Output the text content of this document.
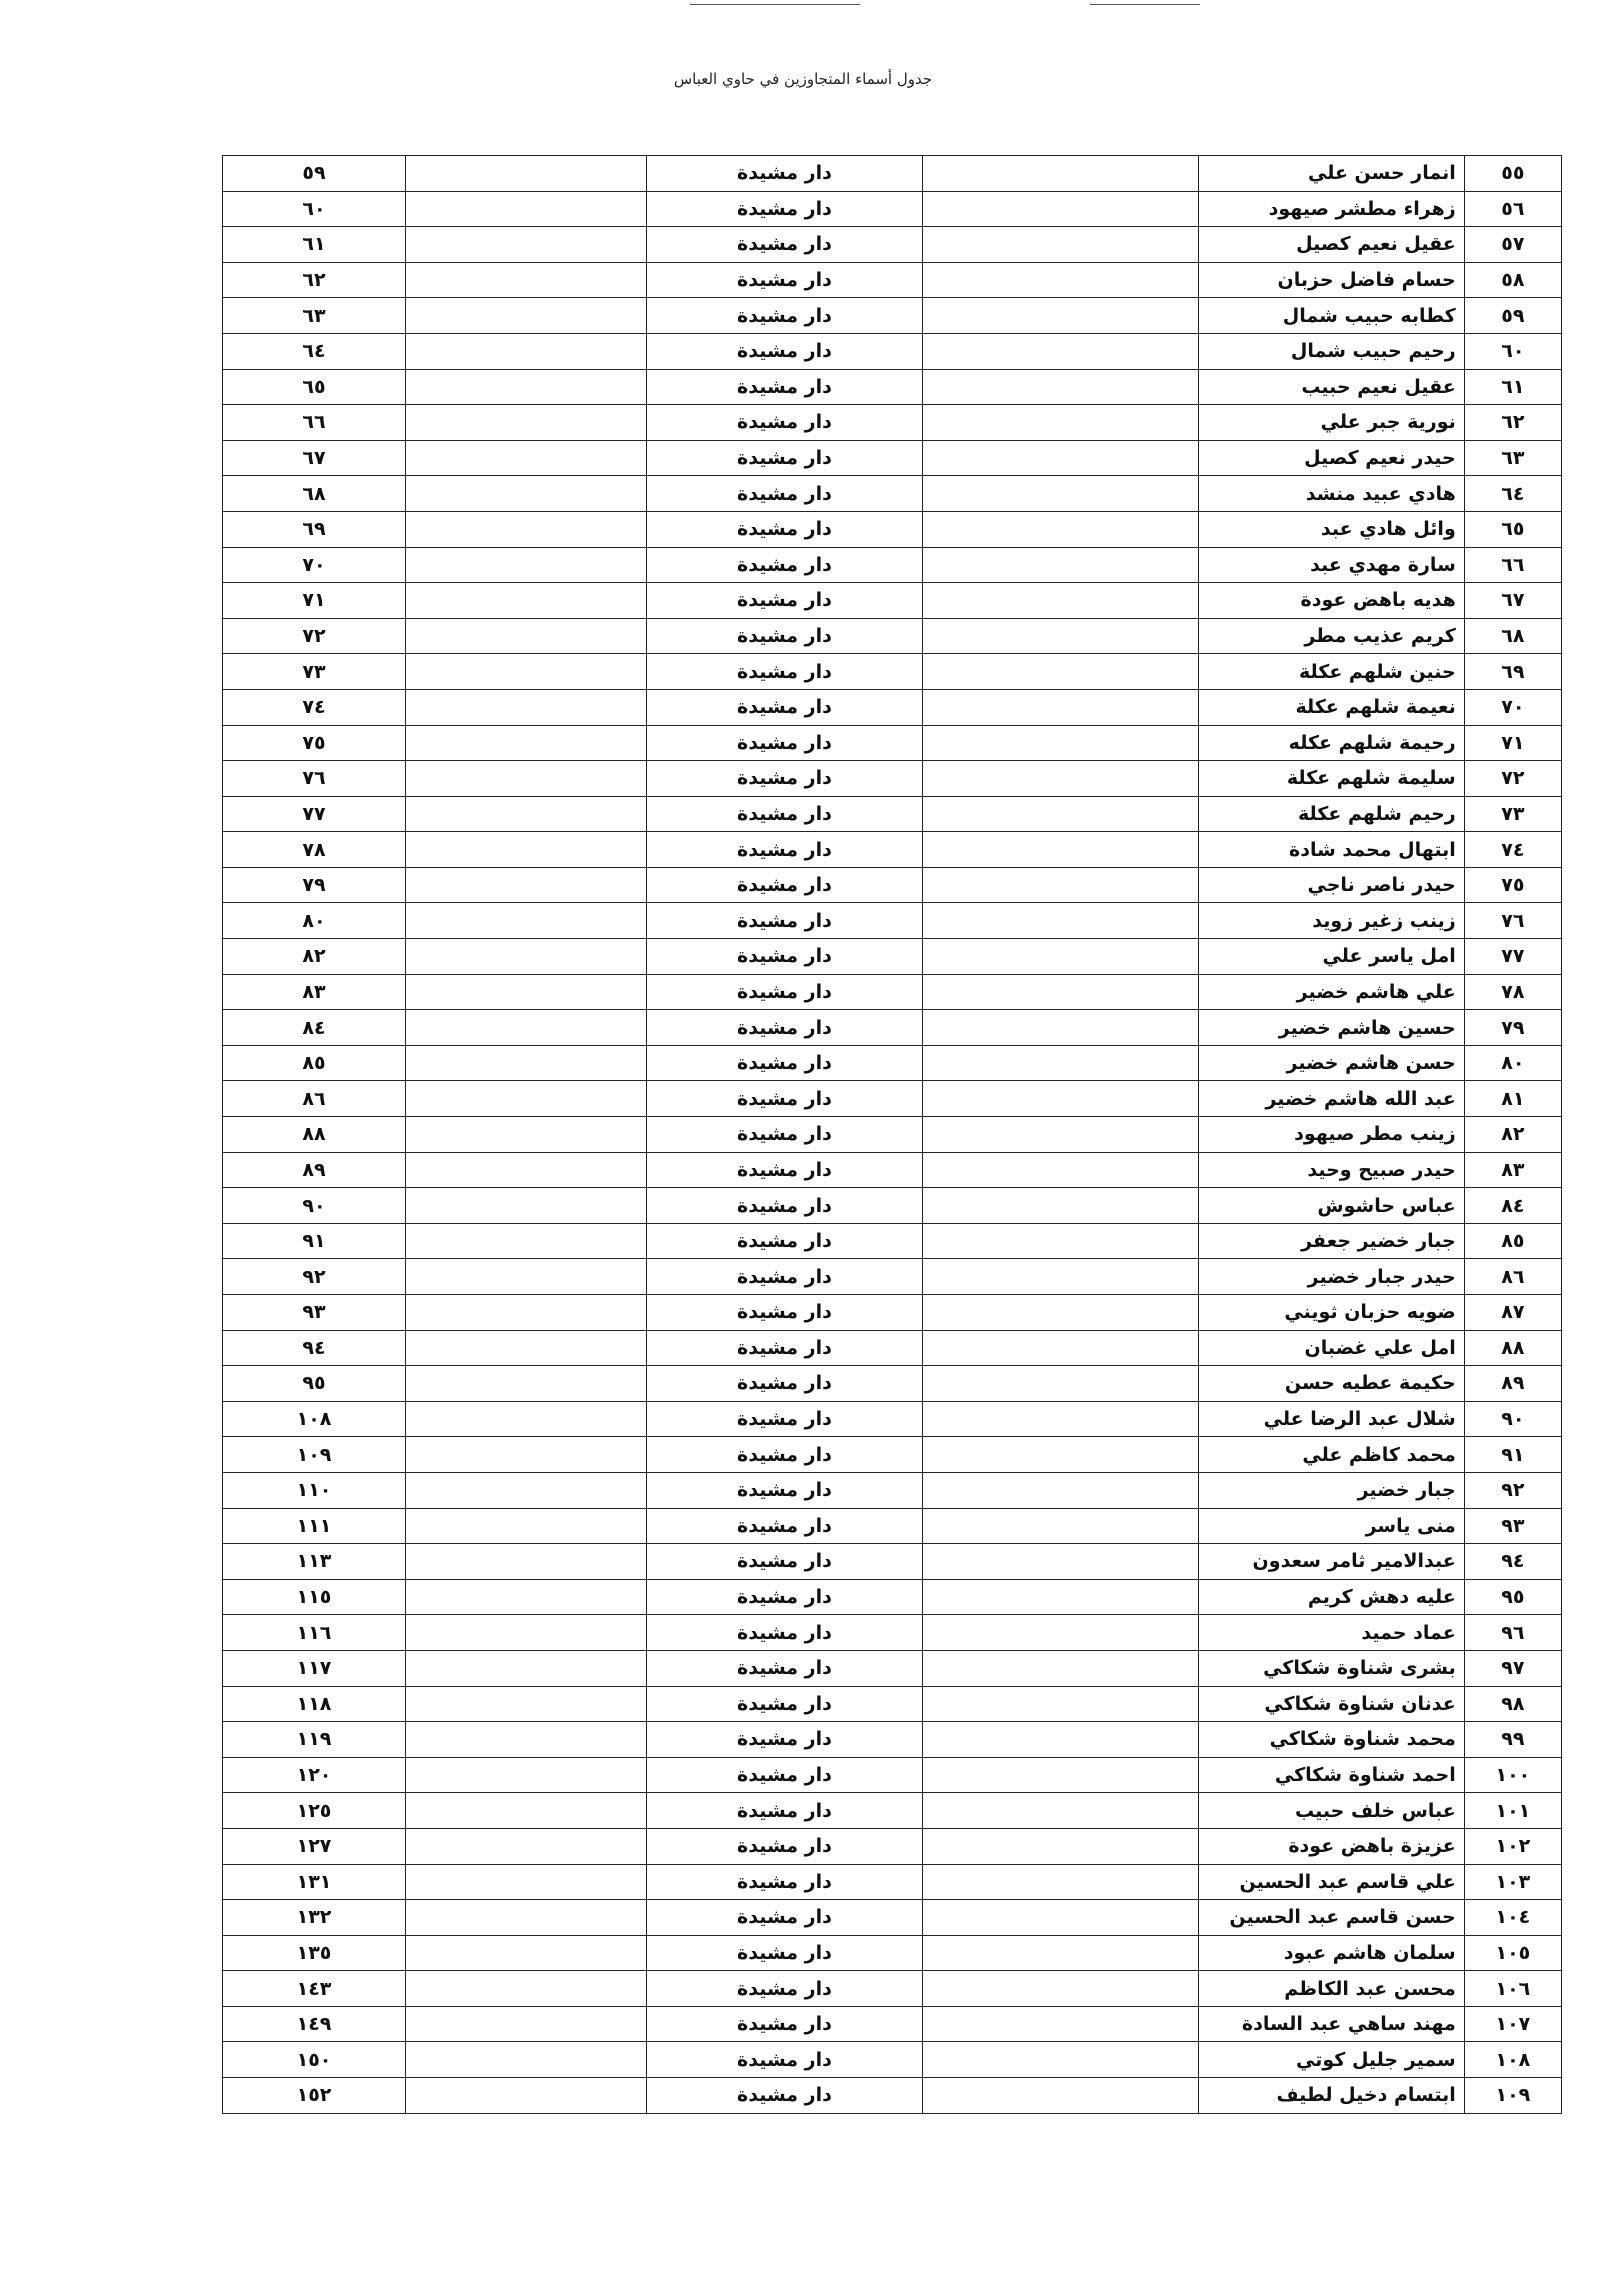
جدول أسماء المتجاوزين في حاوي العباس
٥٩		دار مشيدة		انمار حسن علي	٥٥
٦٠		دار مشيدة		زهراء مطشر صيهود	٥٦
٦١		دار مشيدة		عقيل نعيم كصيل	٥٧
٦٢		دار مشيدة		حسام فاضل حزبان	٥٨
٦٣		دار مشيدة		كطابه حبيب شمال	٥٩
٦٤		دار مشيدة		رحيم حبيب شمال	٦٠
٦٥		دار مشيدة		عقيل نعيم حبيب	٦١
٦٦		دار مشيدة		نورية جبر علي	٦٢
٦٧		دار مشيدة		حيدر نعيم كصيل	٦٣
٦٨		دار مشيدة		هادي عبيد منشد	٦٤
٦٩		دار مشيدة		وائل هادي عبد	٦٥
٧٠		دار مشيدة		سارة مهدي عبد	٦٦
٧١		دار مشيدة		هديه باهض عودة	٦٧
٧٢		دار مشيدة		كريم عذيب مطر	٦٨
٧٣		دار مشيدة		حنين شلهم عكلة	٦٩
٧٤		دار مشيدة		نعيمة شلهم عكلة	٧٠
٧٥		دار مشيدة		رحيمة شلهم عكله	٧١
٧٦		دار مشيدة		سليمة شلهم عكلة	٧٢
٧٧		دار مشيدة		رحيم شلهم عكلة	٧٣
٧٨		دار مشيدة		ابتهال محمد شادة	٧٤
٧٩		دار مشيدة		حيدر ناصر ناجي	٧٥
٨٠		دار مشيدة		زينب زغير زويد	٧٦
٨٢		دار مشيدة		امل ياسر علي	٧٧
٨٣		دار مشيدة		علي هاشم خضير	٧٨
٨٤		دار مشيدة		حسين هاشم خضير	٧٩
٨٥		دار مشيدة		حسن هاشم خضير	٨٠
٨٦		دار مشيدة		عبد الله هاشم خضير	٨١
٨٨		دار مشيدة		زينب مطر صيهود	٨٢
٨٩		دار مشيدة		حيدر صبيح وحيد	٨٣
٩٠		دار مشيدة		عباس حاشوش	٨٤
٩١		دار مشيدة		جبار خضير جعفر	٨٥
٩٢		دار مشيدة		حيدر جبار خضير	٨٦
٩٣		دار مشيدة		ضويه حزبان ثويني	٨٧
٩٤		دار مشيدة		امل علي غضبان	٨٨
٩٥		دار مشيدة		حكيمة عطيه حسن	٨٩
١٠٨		دار مشيدة		شلال عبد الرضا علي	٩٠
١٠٩		دار مشيدة		محمد كاظم علي	٩١
١١٠		دار مشيدة		جبار خضير	٩٢
١١١		دار مشيدة		منى ياسر	٩٣
١١٣		دار مشيدة		عبدالامير ثامر سعدون	٩٤
١١٥		دار مشيدة		عليه دهش كريم	٩٥
١١٦		دار مشيدة		عماد حميد	٩٦
١١٧		دار مشيدة		بشرى شناوة شكاكي	٩٧
١١٨		دار مشيدة		عدنان شناوة شكاكي	٩٨
١١٩		دار مشيدة		محمد شناوة شكاكي	٩٩
١٢٠		دار مشيدة		احمد شناوة شكاكي	١٠٠
١٢٥		دار مشيدة		عباس خلف حبيب	١٠١
١٢٧		دار مشيدة		عزيزة باهض عودة	١٠٢
١٣١		دار مشيدة		علي قاسم عبد الحسين	١٠٣
١٣٢		دار مشيدة		حسن قاسم عبد الحسين	١٠٤
١٣٥		دار مشيدة		سلمان هاشم عبود	١٠٥
١٤٣		دار مشيدة		محسن عبد الكاظم	١٠٦
١٤٩		دار مشيدة		مهند ساهي عبد السادة	١٠٧
١٥٠		دار مشيدة		سمير جليل كوتي	١٠٨
١٥٢		دار مشيدة		ابتسام دخيل لطيف	١٠٩
